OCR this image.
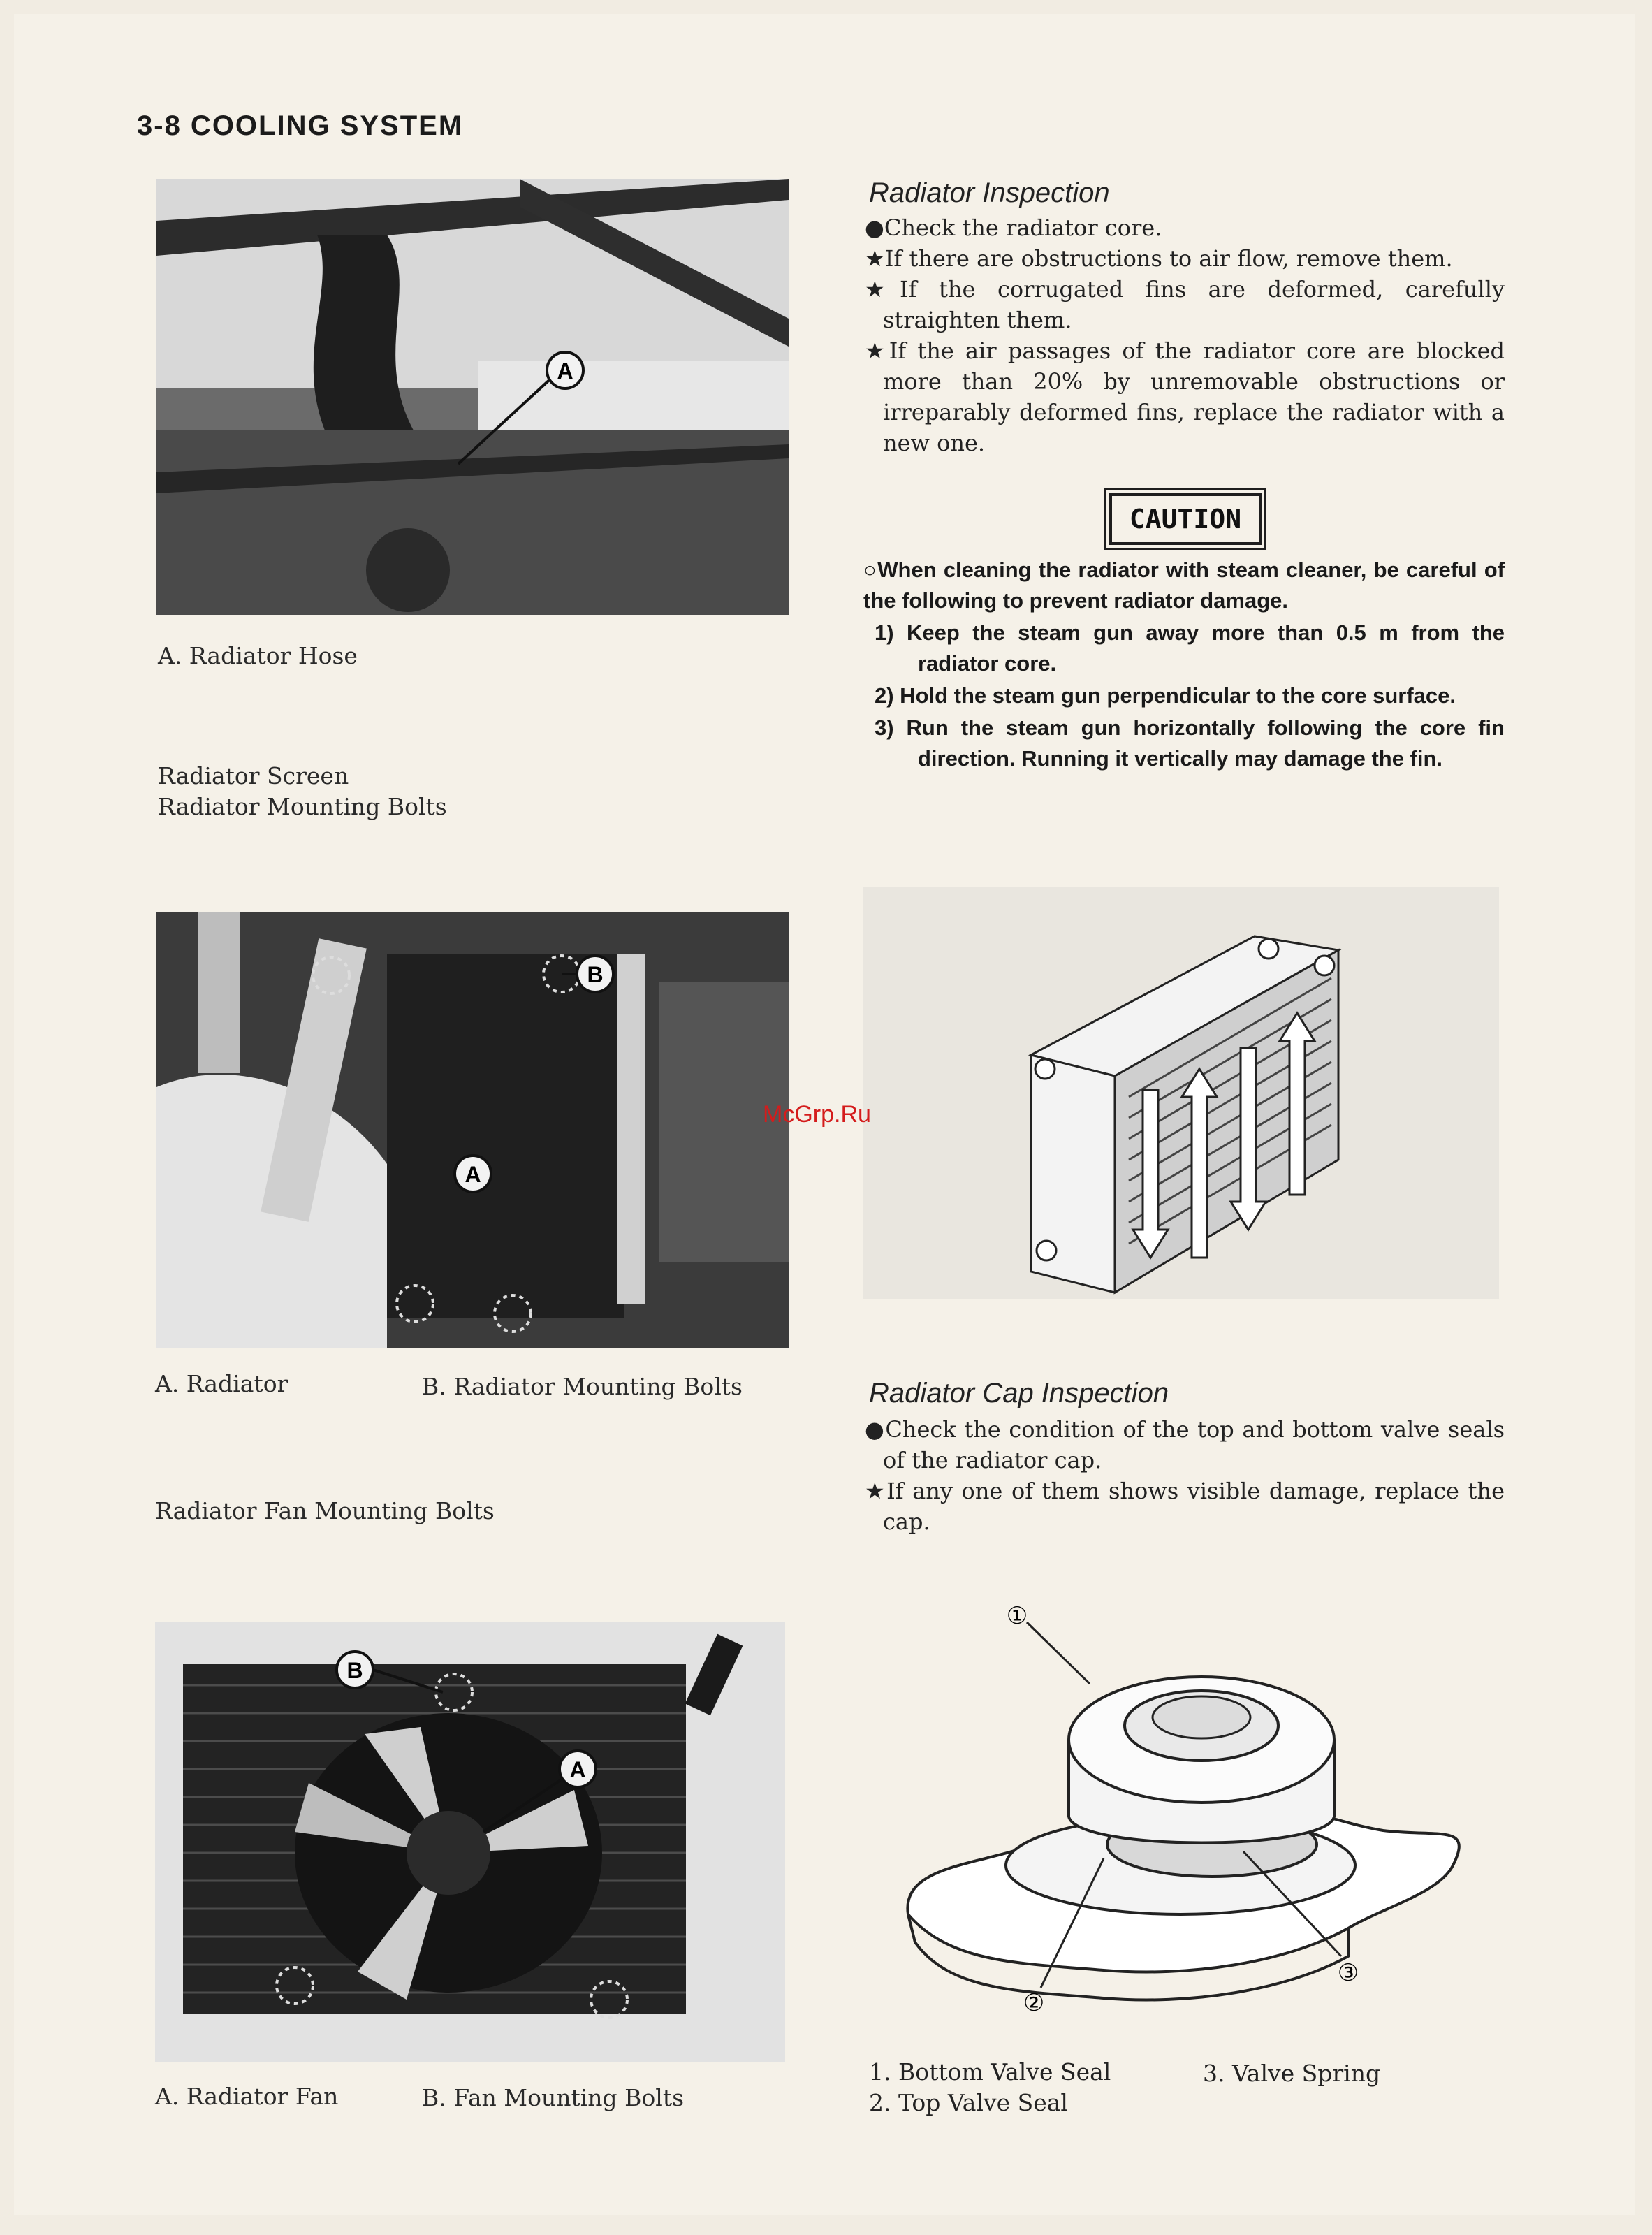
3-8 COOLING SYSTEM
A
A. Radiator Hose
Radiator Screen
Radiator Mounting Bolts
B
A
A. Radiator	B. Radiator Mounting Bolts
Radiator Fan Mounting Bolts
B
A
A. Radiator Fan	B. Fan Mounting Bolts
Radiator Inspection

●Check the radiator core.

★If there are obstructions to air flow, remove them.

★If the corrugated fins are deformed, carefully straighten them.

★If the air passages of the radiator core are blocked more than 20% by unremovable obstructions or irreparably deformed fins, replace the radiator with a new one.

CAUTION

○When cleaning the radiator with steam cleaner, be careful of the following to prevent radiator damage.

1) Keep the steam gun away more than 0.5 m from the radiator core.

2) Hold the steam gun perpendicular to the core surface.

3) Run the steam gun horizontally following the core fin direction. Running it vertically may damage the fin.

McGrp.Ru
Radiator Cap Inspection

●Check the condition of the top and bottom valve seals of the radiator cap.

★If any one of them shows visible damage, replace the cap.

①
②
③
1. Bottom Valve Seal
2. Top Valve Seal
3. Valve Spring
